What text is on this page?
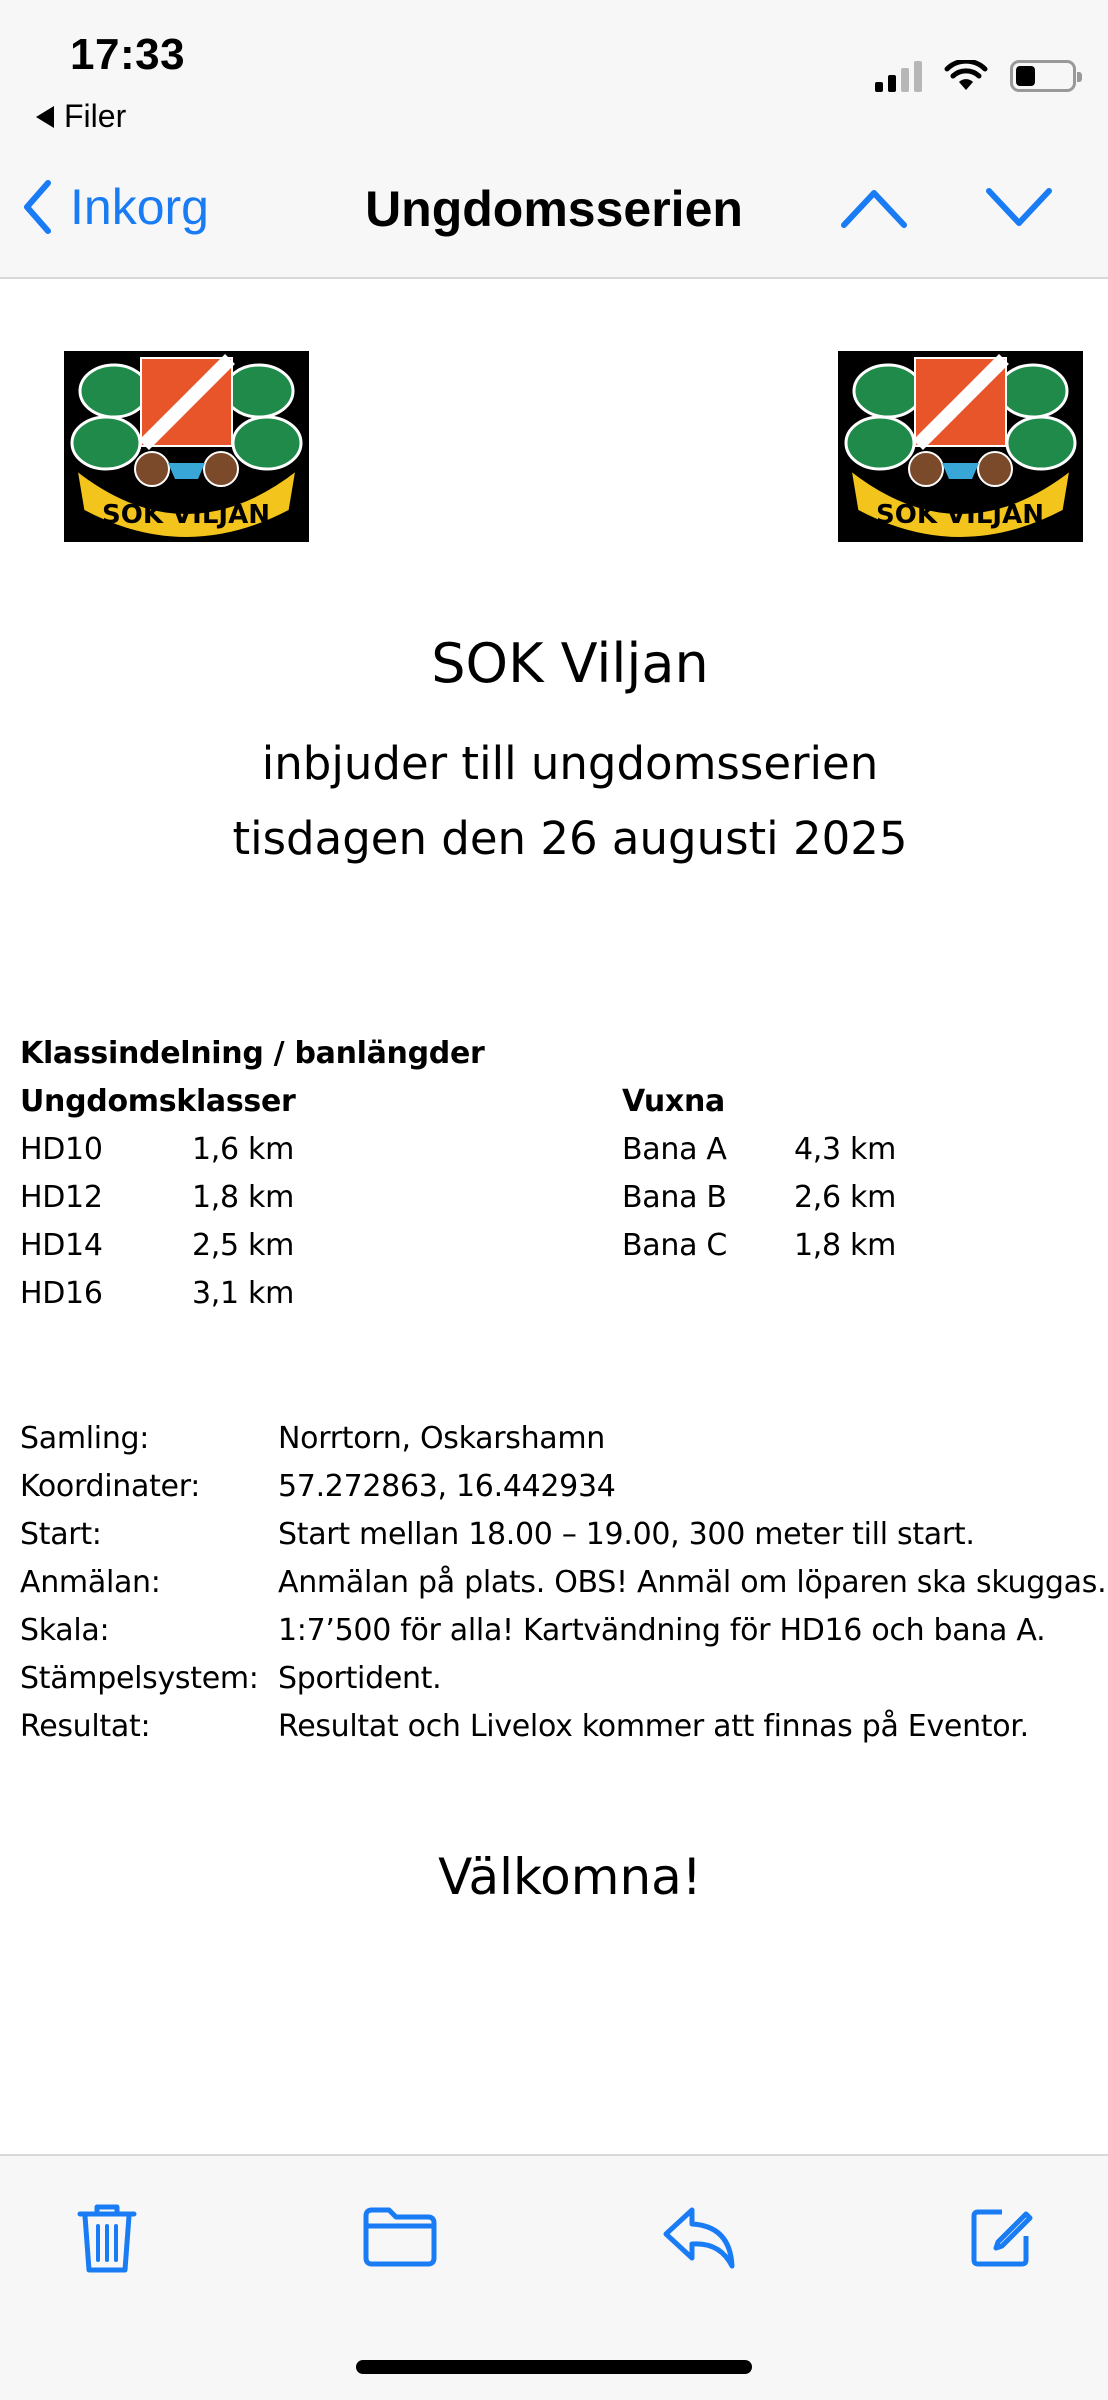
17:33
Filer
Inkorg	Ungdomsserien
SOK VILJAN	SOK VILJAN
SOK Viljan
inbjuder till ungdomsserien
tisdagen den 26 augusti 2025
Klassindelning / banlängder
Ungdomsklasser	Vuxna
HD10	1,6 km
HD12	1,8 km
HD14	2,5 km
HD16	3,1 km
Bana A 4,3 km
Bana B 2,6 km
Bana C 1,8 km
Samling:	Norrtorn, Oskarshamn
Koordinater:	57.272863, 16.442934
Start:	Start mellan 18.00 – 19.00, 300 meter till start.
Anmälan:	Anmälan på plats. OBS! Anmäl om löparen ska skuggas.
Skala:	1:7’500 för alla! Kartvändning för HD16 och bana A.
Stämpelsystem: Sportident.
Resultat:	Resultat och Livelox kommer att finnas på Eventor.
Välkomna!
